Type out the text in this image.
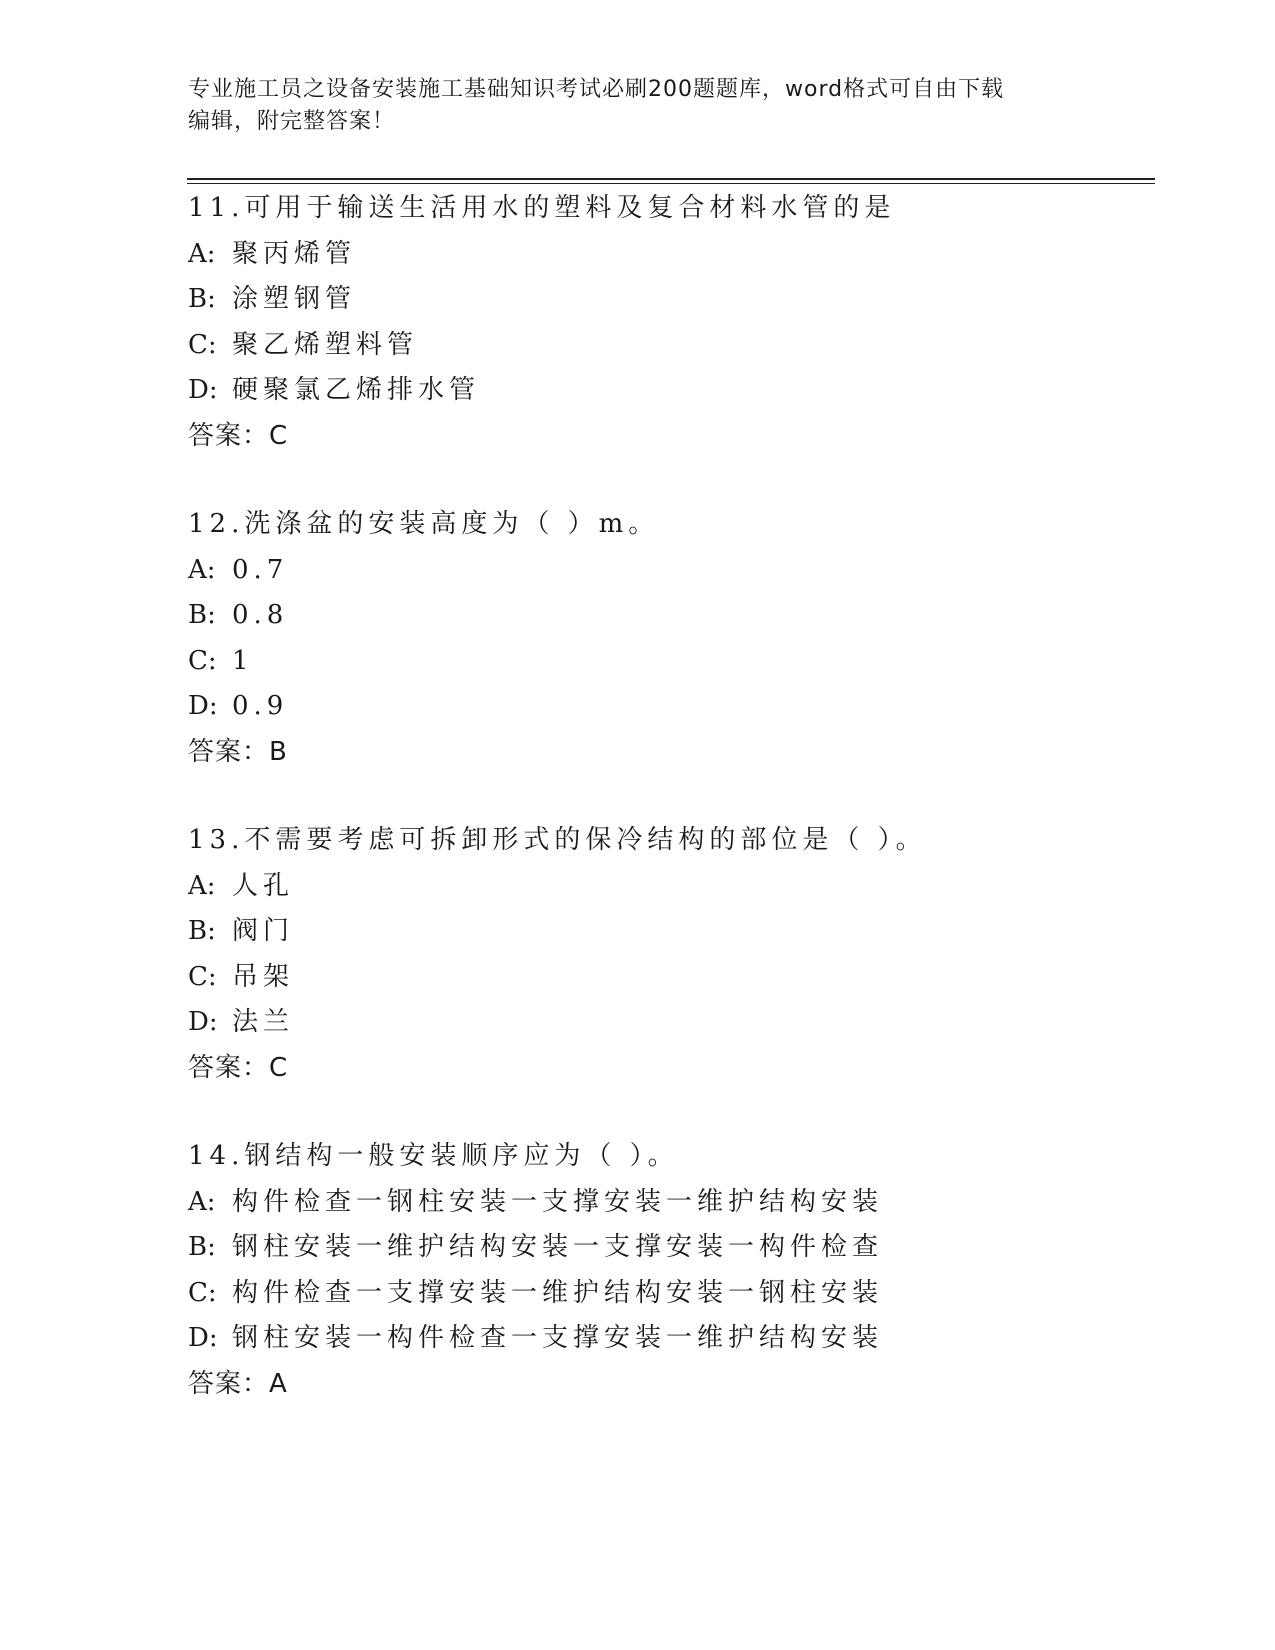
专业施工员之设备安装施工基础知识考试必刷200题题库，word格式可自由下载
编辑，附完整答案！
11.可用于输送生活用水的塑料及复合材料水管的是
A: 聚丙烯管
B: 涂塑钢管
C: 聚乙烯塑料管
D: 硬聚氯乙烯排水管
答案：C
12.洗涤盆的安装高度为（ ）m。
A: 0.7
B: 0.8
C: 1
D: 0.9
答案：B
13.不需要考虑可拆卸形式的保冷结构的部位是（ ）。
A: 人孔
B: 阀门
C: 吊架
D: 法兰
答案：C
14.钢结构一般安装顺序应为（ ）。
A: 构件检查一钢柱安装一支撑安装一维护结构安装
B: 钢柱安装一维护结构安装一支撑安装一构件检查
C: 构件检查一支撑安装一维护结构安装一钢柱安装
D: 钢柱安装一构件检查一支撑安装一维护结构安装
答案：A
